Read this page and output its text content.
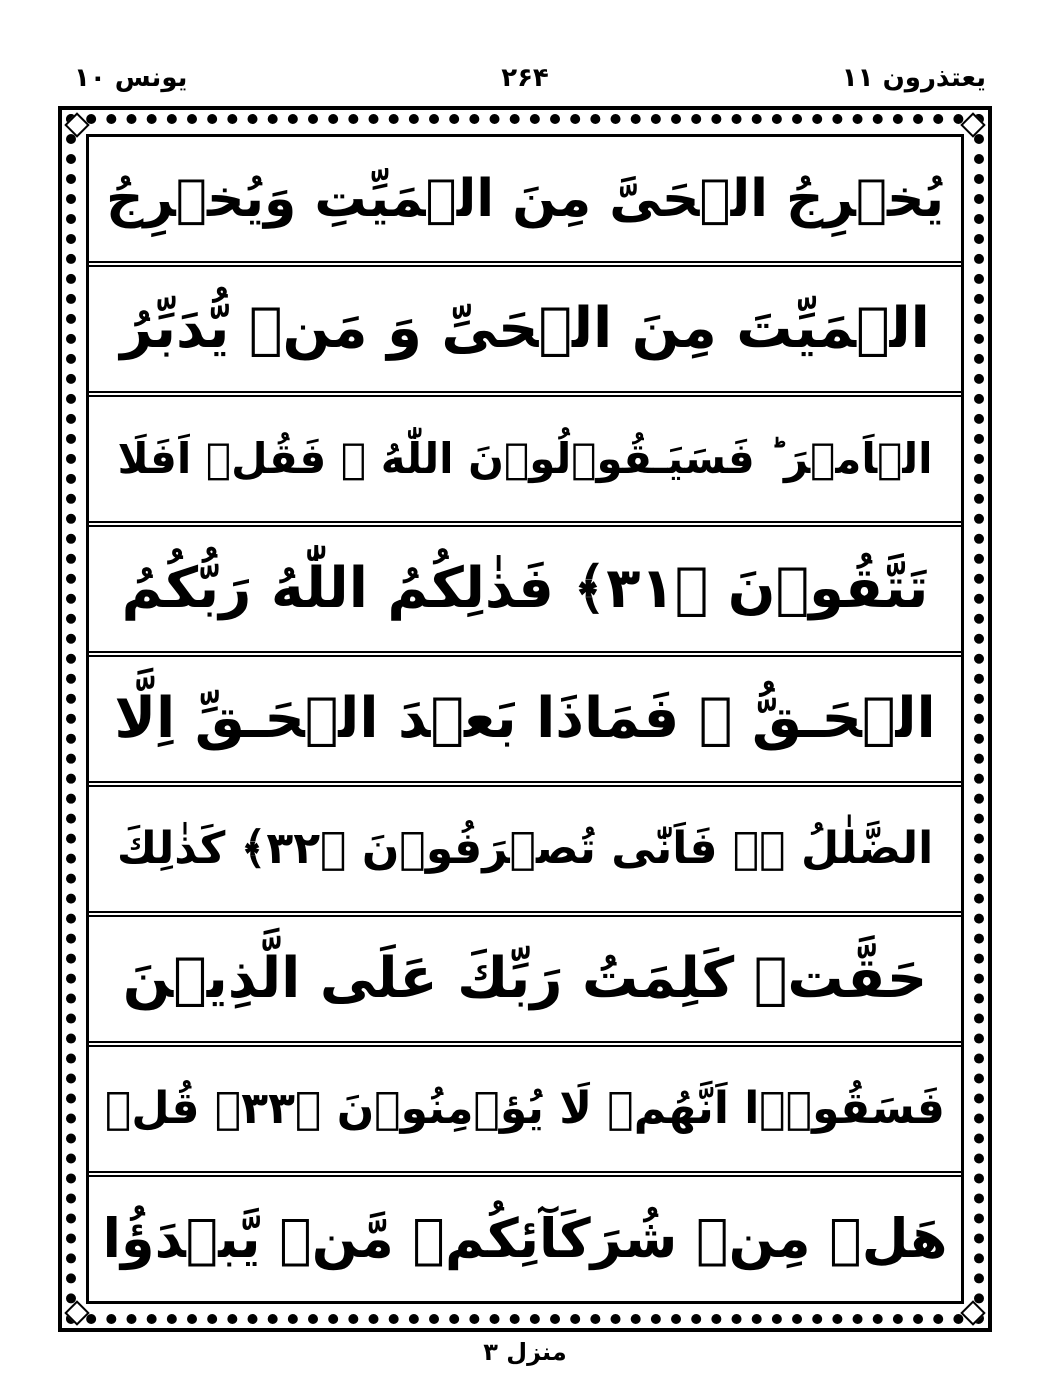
یعتذرون ۱۱
۲۶۴
یونس ۱۰
يُخۡرِجُ الۡحَىَّ مِنَ الۡمَيِّتِ وَيُخۡرِجُ
الۡمَيِّتَ مِنَ الۡحَىِّ وَ مَنۡ يُّدَبِّرُ
الۡاَمۡرَ ؕ فَسَيَـقُوۡلُوۡنَ اللّٰهُ ۚ فَقُلۡ اَفَلَا
تَتَّقُوۡنَ ﴿۳۱﴾ فَذٰلِكُمُ اللّٰهُ رَبُّكُمُ
الۡحَـقُّ ۚ فَمَاذَا بَعۡدَ الۡحَـقِّ اِلَّا
الضَّلٰلُ ۖۚ فَاَنّٰى تُصۡرَفُوۡنَ ﴿۳۲﴾ كَذٰلِكَ
حَقَّتۡ كَلِمَتُ رَبِّكَ عَلَى الَّذِيۡنَ
فَسَقُوۡۤا اَنَّهُمۡ لَا يُؤۡمِنُوۡنَ ﴿۳۳﴾ قُلۡ
هَلۡ مِنۡ شُرَكَآئِكُمۡ مَّنۡ يَّبۡدَؤُا
منزل ۳
